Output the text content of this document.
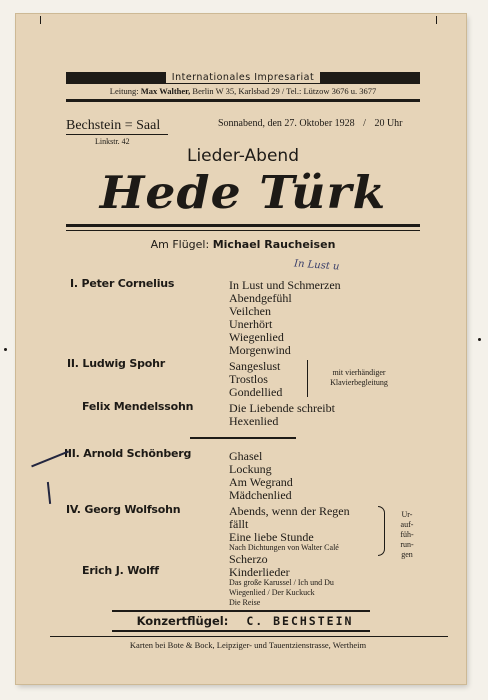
Internationales Impresariat
Leitung: Max Walther, Berlin W 35, Karlsbad 29 / Tel.: Lützow 3676 u. 3677
Bechstein = Saal
Linkstr. 42
Sonnabend, den 27. Oktober 1928 / 20 Uhr
Lieder-Abend
Hede Türk
Am Flügel: Michael Raucheisen
In Lust u
I. Peter Cornelius	In Lust und Schmerzen
Abendgefühl
Veilchen
Unerhört
Wiegenlied
Morgenwind
II. Ludwig Spohr	Sangeslust
Trostlos
Gondellied
mit vierhändiger
Klavierbegleitung
Felix Mendelssohn	Die Liebende schreibt
Hexenlied
III. Arnold Schönberg	Ghasel
Lockung
Am Wegrand
Mädchenlied
IV. Georg Wolfsohn	Abends, wenn der Regen
fällt
Eine liebe Stunde
Nach Dichtungen von Walter Calé
Scherzo
Ur-
auf-
füh-
run-
gen
Erich J. Wolff	Kinderlieder
Das große Karussel / Ich und Du
Wiegenlied / Der Kuckuck
Die Reise
Konzertflügel: C. BECHSTEIN
Karten bei Bote & Bock, Leipziger- und Tauentzienstrasse, Wertheim
